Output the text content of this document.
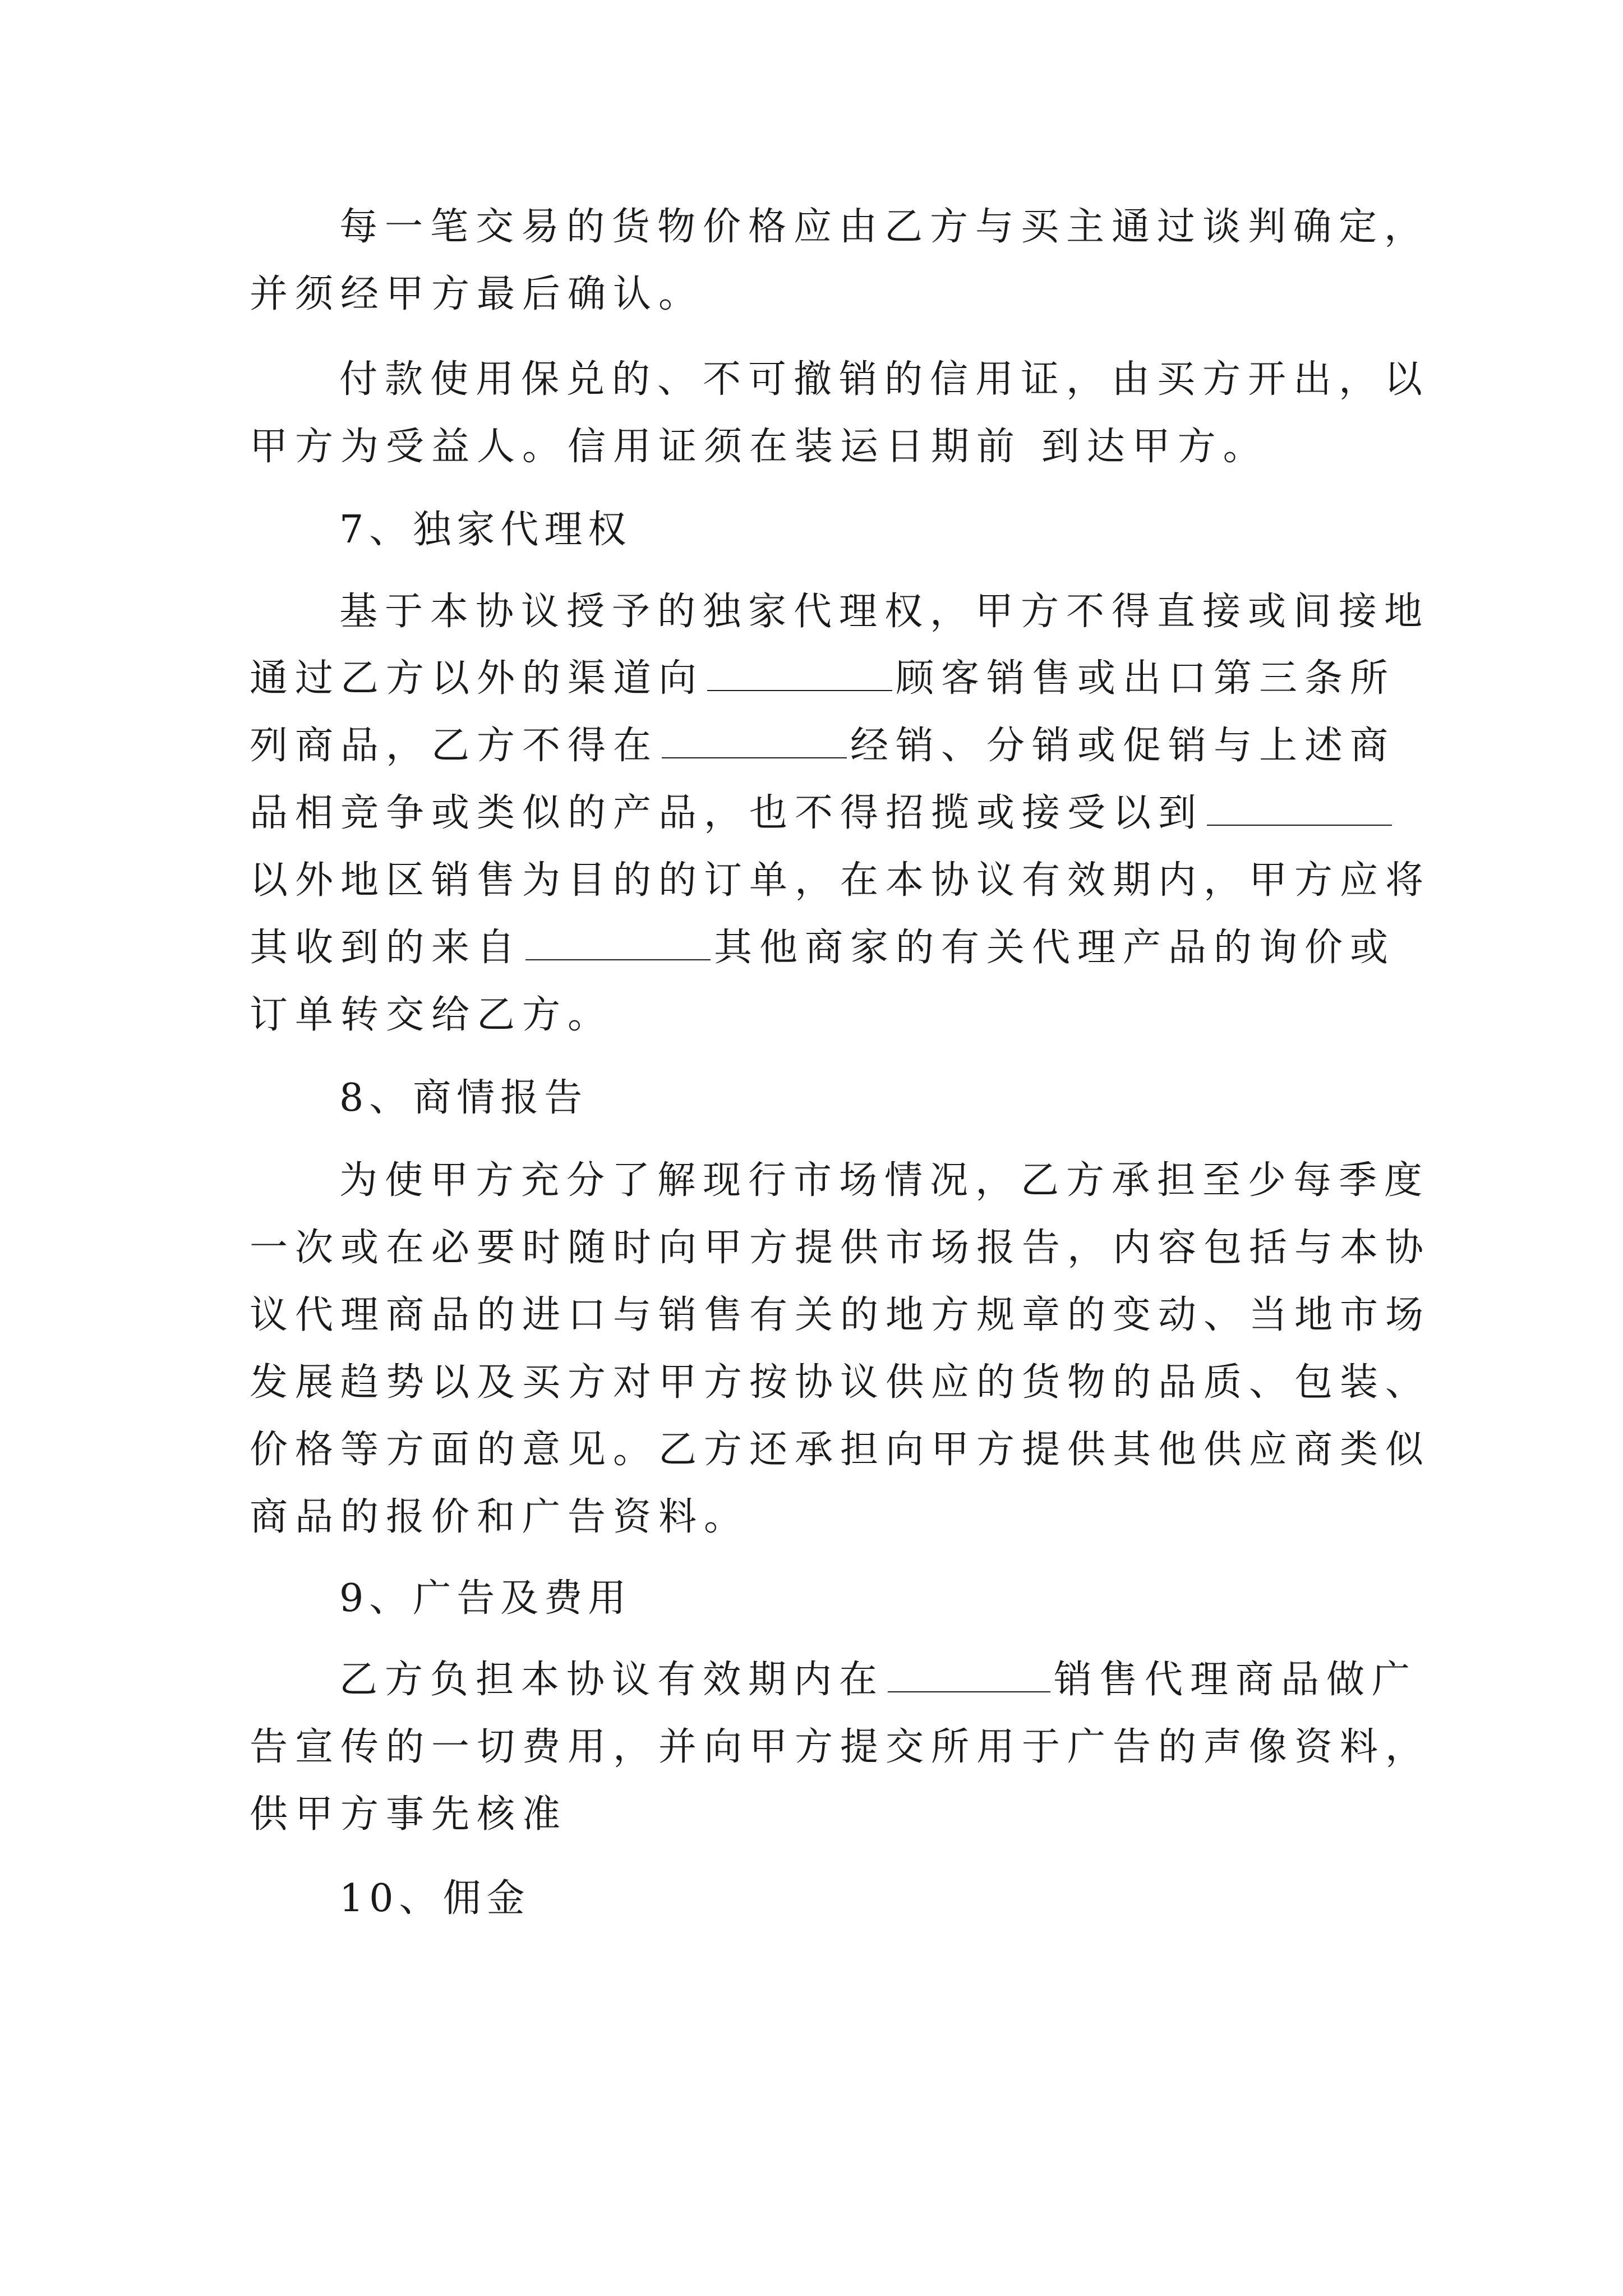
每一笔交易的货物价格应由乙方与买主通过谈判确定，
并须经甲方最后确认。
付款使用保兑的、不可撤销的信用证，由买方开出，以
甲方为受益人。信用证须在装运日期前 到达甲方。
7、独家代理权
基于本协议授予的独家代理权，甲方不得直接或间接地
通过乙方以外的渠道向	顾客销售或出口第三条所
列商品，乙方不得在	经销、分销或促销与上述商
品相竞争或类似的产品，也不得招揽或接受以到
以外地区销售为目的的订单，在本协议有效期内，甲方应将
其收到的来自	其他商家的有关代理产品的询价或
订单转交给乙方。
8、商情报告
为使甲方充分了解现行市场情况，乙方承担至少每季度
一次或在必要时随时向甲方提供市场报告，内容包括与本协
议代理商品的进口与销售有关的地方规章的变动、当地市场
发展趋势以及买方对甲方按协议供应的货物的品质、包装、
价格等方面的意见。乙方还承担向甲方提供其他供应商类似
商品的报价和广告资料。
9、广告及费用
乙方负担本协议有效期内在	销售代理商品做广
告宣传的一切费用，并向甲方提交所用于广告的声像资料，
供甲方事先核准
10、佣金
